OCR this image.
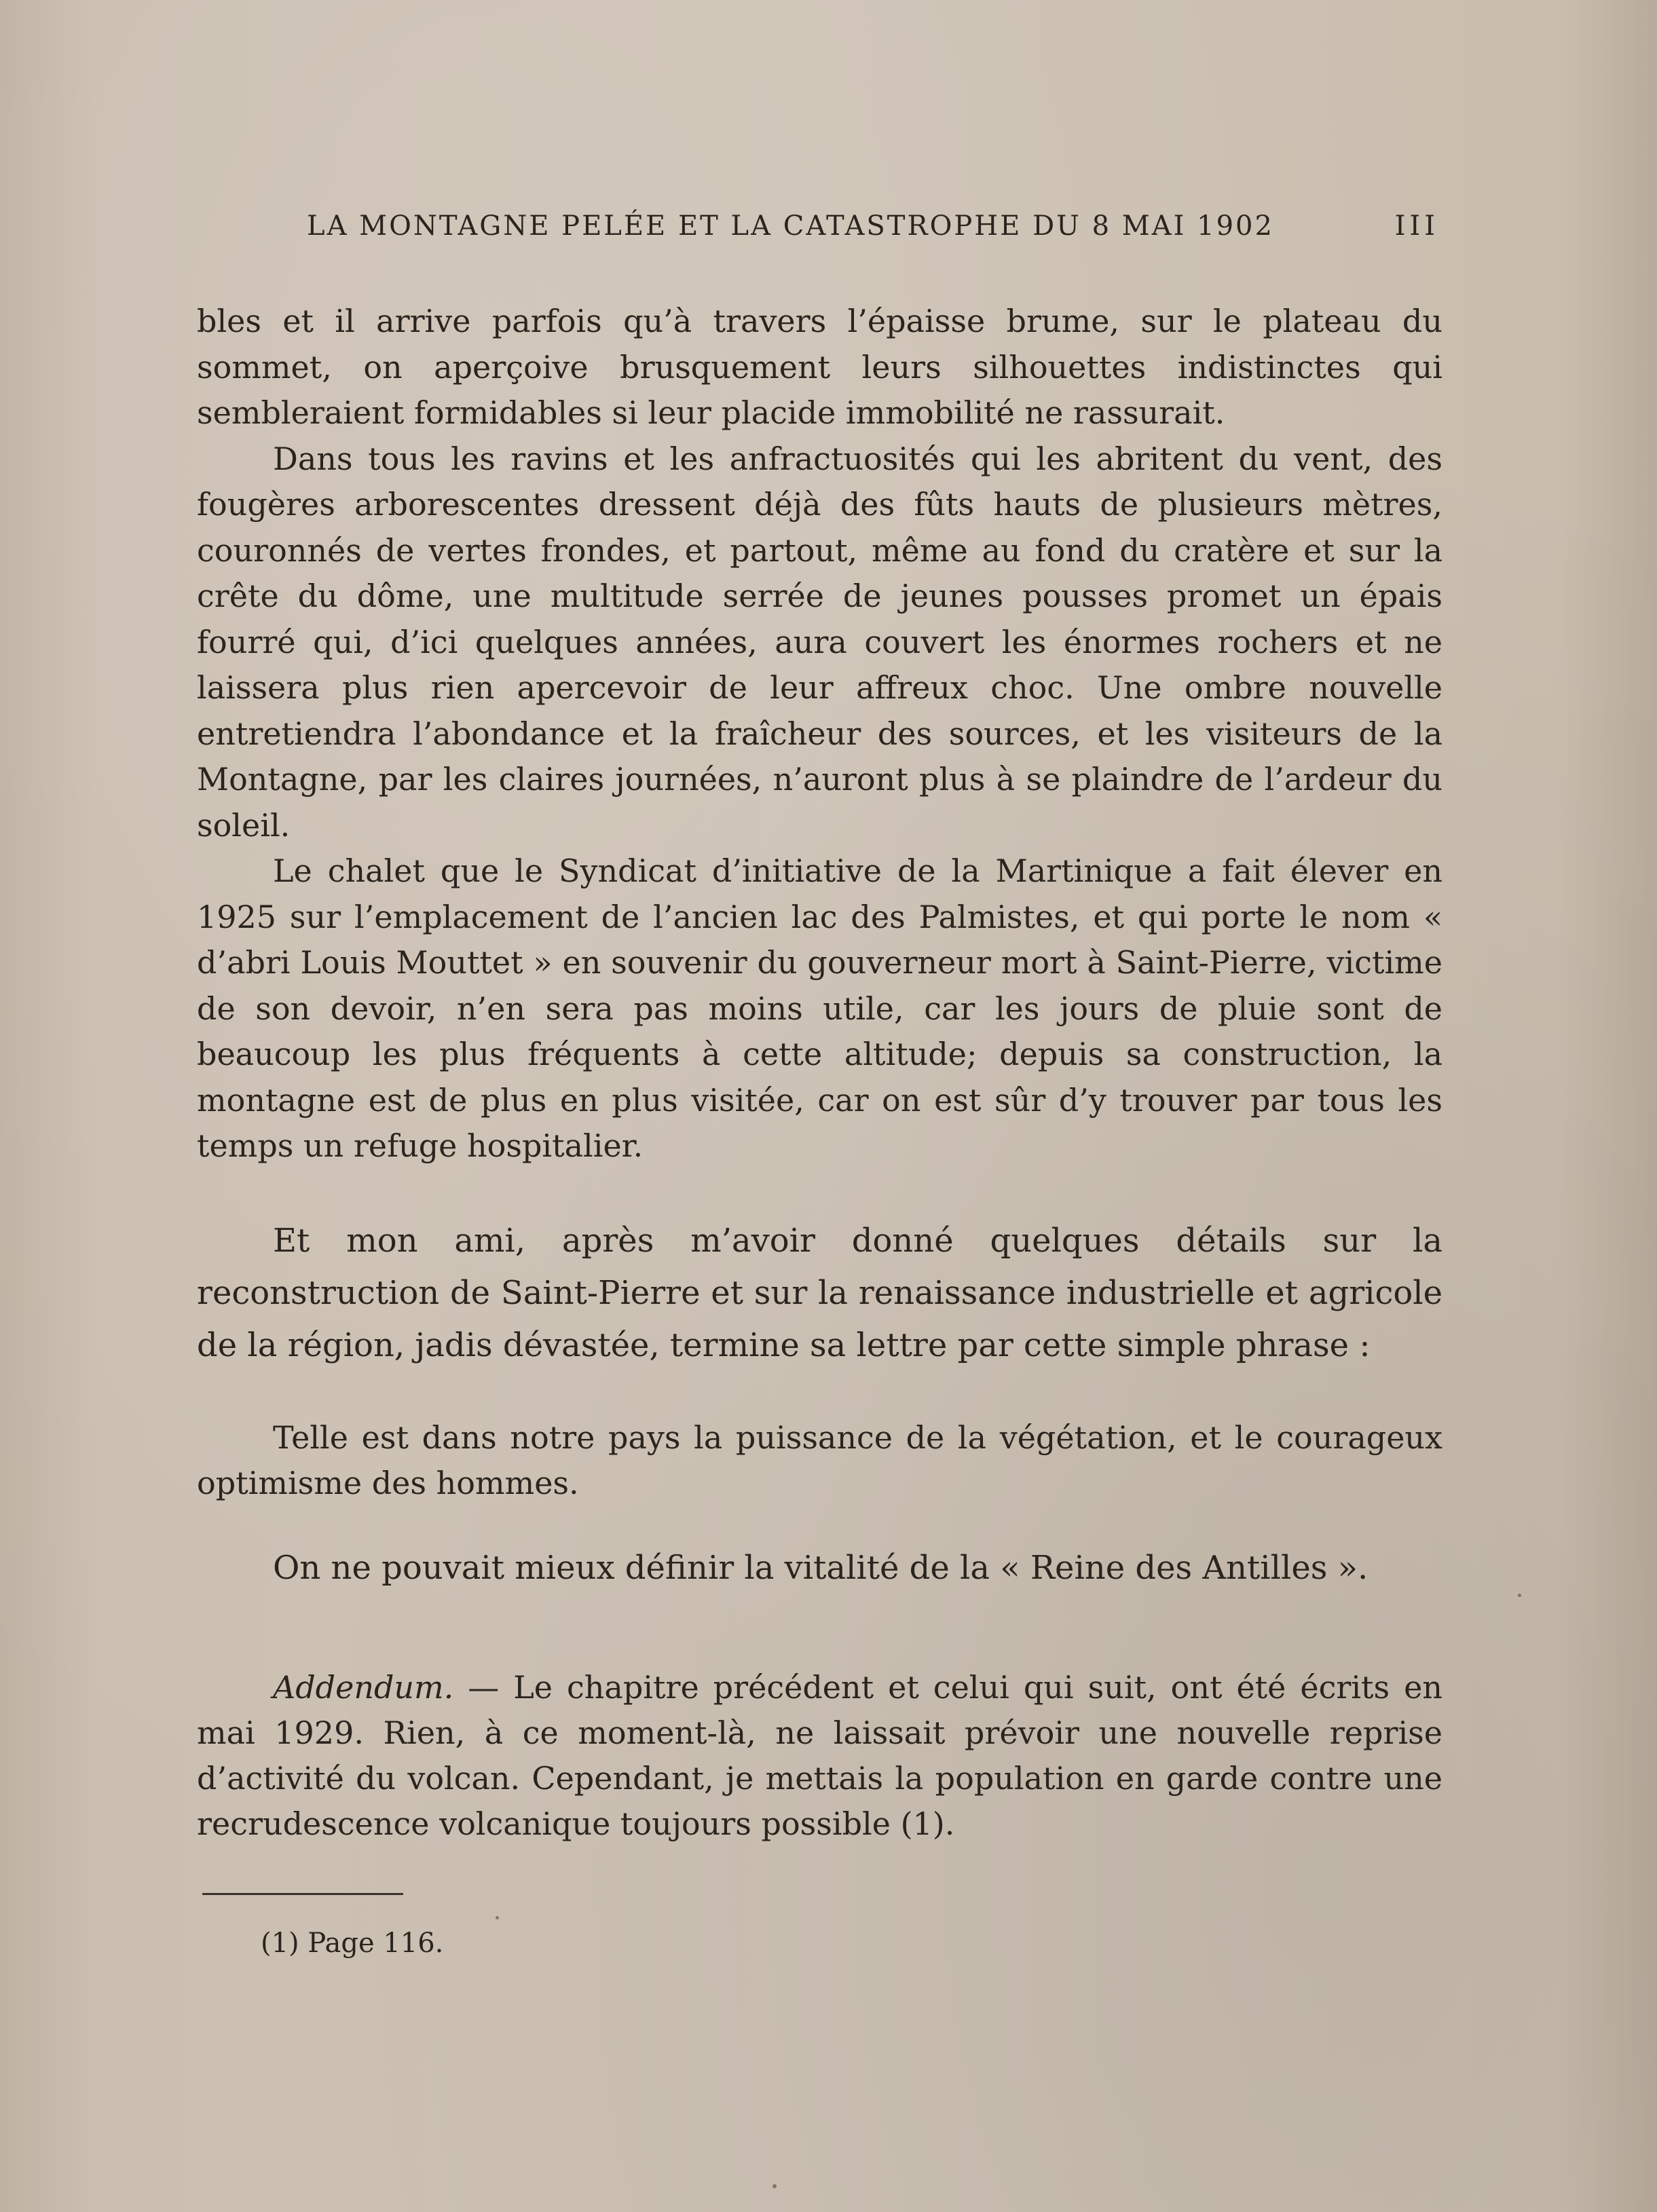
LA MONTAGNE PELÉE ET LA CATASTROPHE DU 8 MAI 1902	III

bles et il arrive parfois qu’à travers l’épaisse brume, sur le plateau du sommet, on aperçoive brusquement leurs silhouettes indistinctes qui sembleraient formidables si leur placide immobilité ne rassurait.

Dans tous les ravins et les anfractuosités qui les abritent du vent, des fougères arborescentes dressent déjà des fûts hauts de plusieurs mètres, couronnés de vertes frondes, et partout, même au fond du cratère et sur la crête du dôme, une multitude serrée de jeunes pousses promet un épais fourré qui, d’ici quelques années, aura couvert les énormes rochers et ne laissera plus rien apercevoir de leur affreux choc. Une ombre nouvelle entretiendra l’abondance et la fraîcheur des sources, et les visiteurs de la Montagne, par les claires journées, n’auront plus à se plaindre de l’ardeur du soleil.

Le chalet que le Syndicat d’initiative de la Martinique a fait élever en 1925 sur l’emplacement de l’ancien lac des Palmistes, et qui porte le nom « d’abri Louis Mouttet » en souvenir du gouverneur mort à Saint-Pierre, victime de son devoir, n’en sera pas moins utile, car les jours de pluie sont de beaucoup les plus fréquents à cette altitude; depuis sa construction, la montagne est de plus en plus visitée, car on est sûr d’y trouver par tous les temps un refuge hospitalier.

Et mon ami, après m’avoir donné quelques détails sur la reconstruction de Saint-Pierre et sur la renaissance industrielle et agricole de la région, jadis dévastée, termine sa lettre par cette simple phrase :

Telle est dans notre pays la puissance de la végétation, et le courageux optimisme des hommes.

On ne pouvait mieux définir la vitalité de la « Reine des Antilles ».

Addendum. — Le chapitre précédent et celui qui suit, ont été écrits en mai 1929. Rien, à ce moment-là, ne laissait prévoir une nouvelle reprise d’activité du volcan. Cependant, je mettais la population en garde contre une recrudescence volcanique toujours possible (1).

(1) Page 116.
